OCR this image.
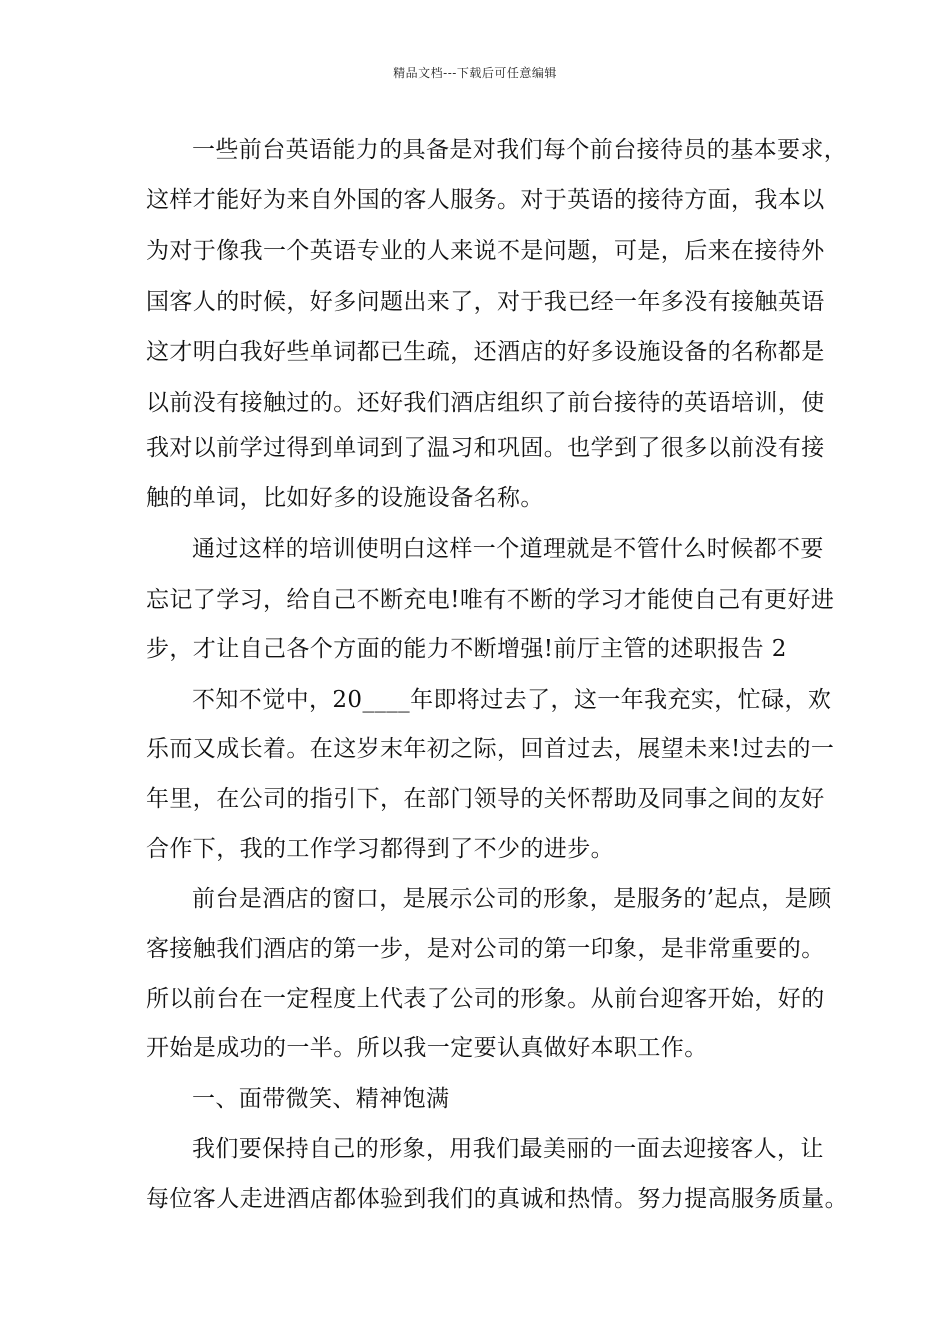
精品文档---下载后可任意编辑
一些前台英语能力的具备是对我们每个前台接待员的基本要求，
这样才能好为来自外国的客人服务。对于英语的接待方面，我本以
为对于像我一个英语专业的人来说不是问题，可是，后来在接待外
国客人的时候，好多问题出来了，对于我已经一年多没有接触英语
这才明白我好些单词都已生疏，还酒店的好多设施设备的名称都是
以前没有接触过的。还好我们酒店组织了前台接待的英语培训，使
我对以前学过得到单词到了温习和巩固。也学到了很多以前没有接
触的单词，比如好多的设施设备名称。
通过这样的培训使明白这样一个道理就是不管什么时候都不要
忘记了学习，给自己不断充电!唯有不断的学习才能使自己有更好进
步，才让自己各个方面的能力不断增强!前厅主管的述职报告 2
不知不觉中，20____年即将过去了，这一年我充实，忙碌，欢
乐而又成长着。在这岁末年初之际，回首过去，展望未来!过去的一
年里，在公司的指引下，在部门领导的关怀帮助及同事之间的友好
合作下，我的工作学习都得到了不少的进步。
前台是酒店的窗口，是展示公司的形象，是服务的’起点，是顾
客接触我们酒店的第一步，是对公司的第一印象，是非常重要的。
所以前台在一定程度上代表了公司的形象。从前台迎客开始，好的
开始是成功的一半。所以我一定要认真做好本职工作。
一、面带微笑、精神饱满
我们要保持自己的形象，用我们最美丽的一面去迎接客人，让
每位客人走进酒店都体验到我们的真诚和热情。努力提高服务质量。
